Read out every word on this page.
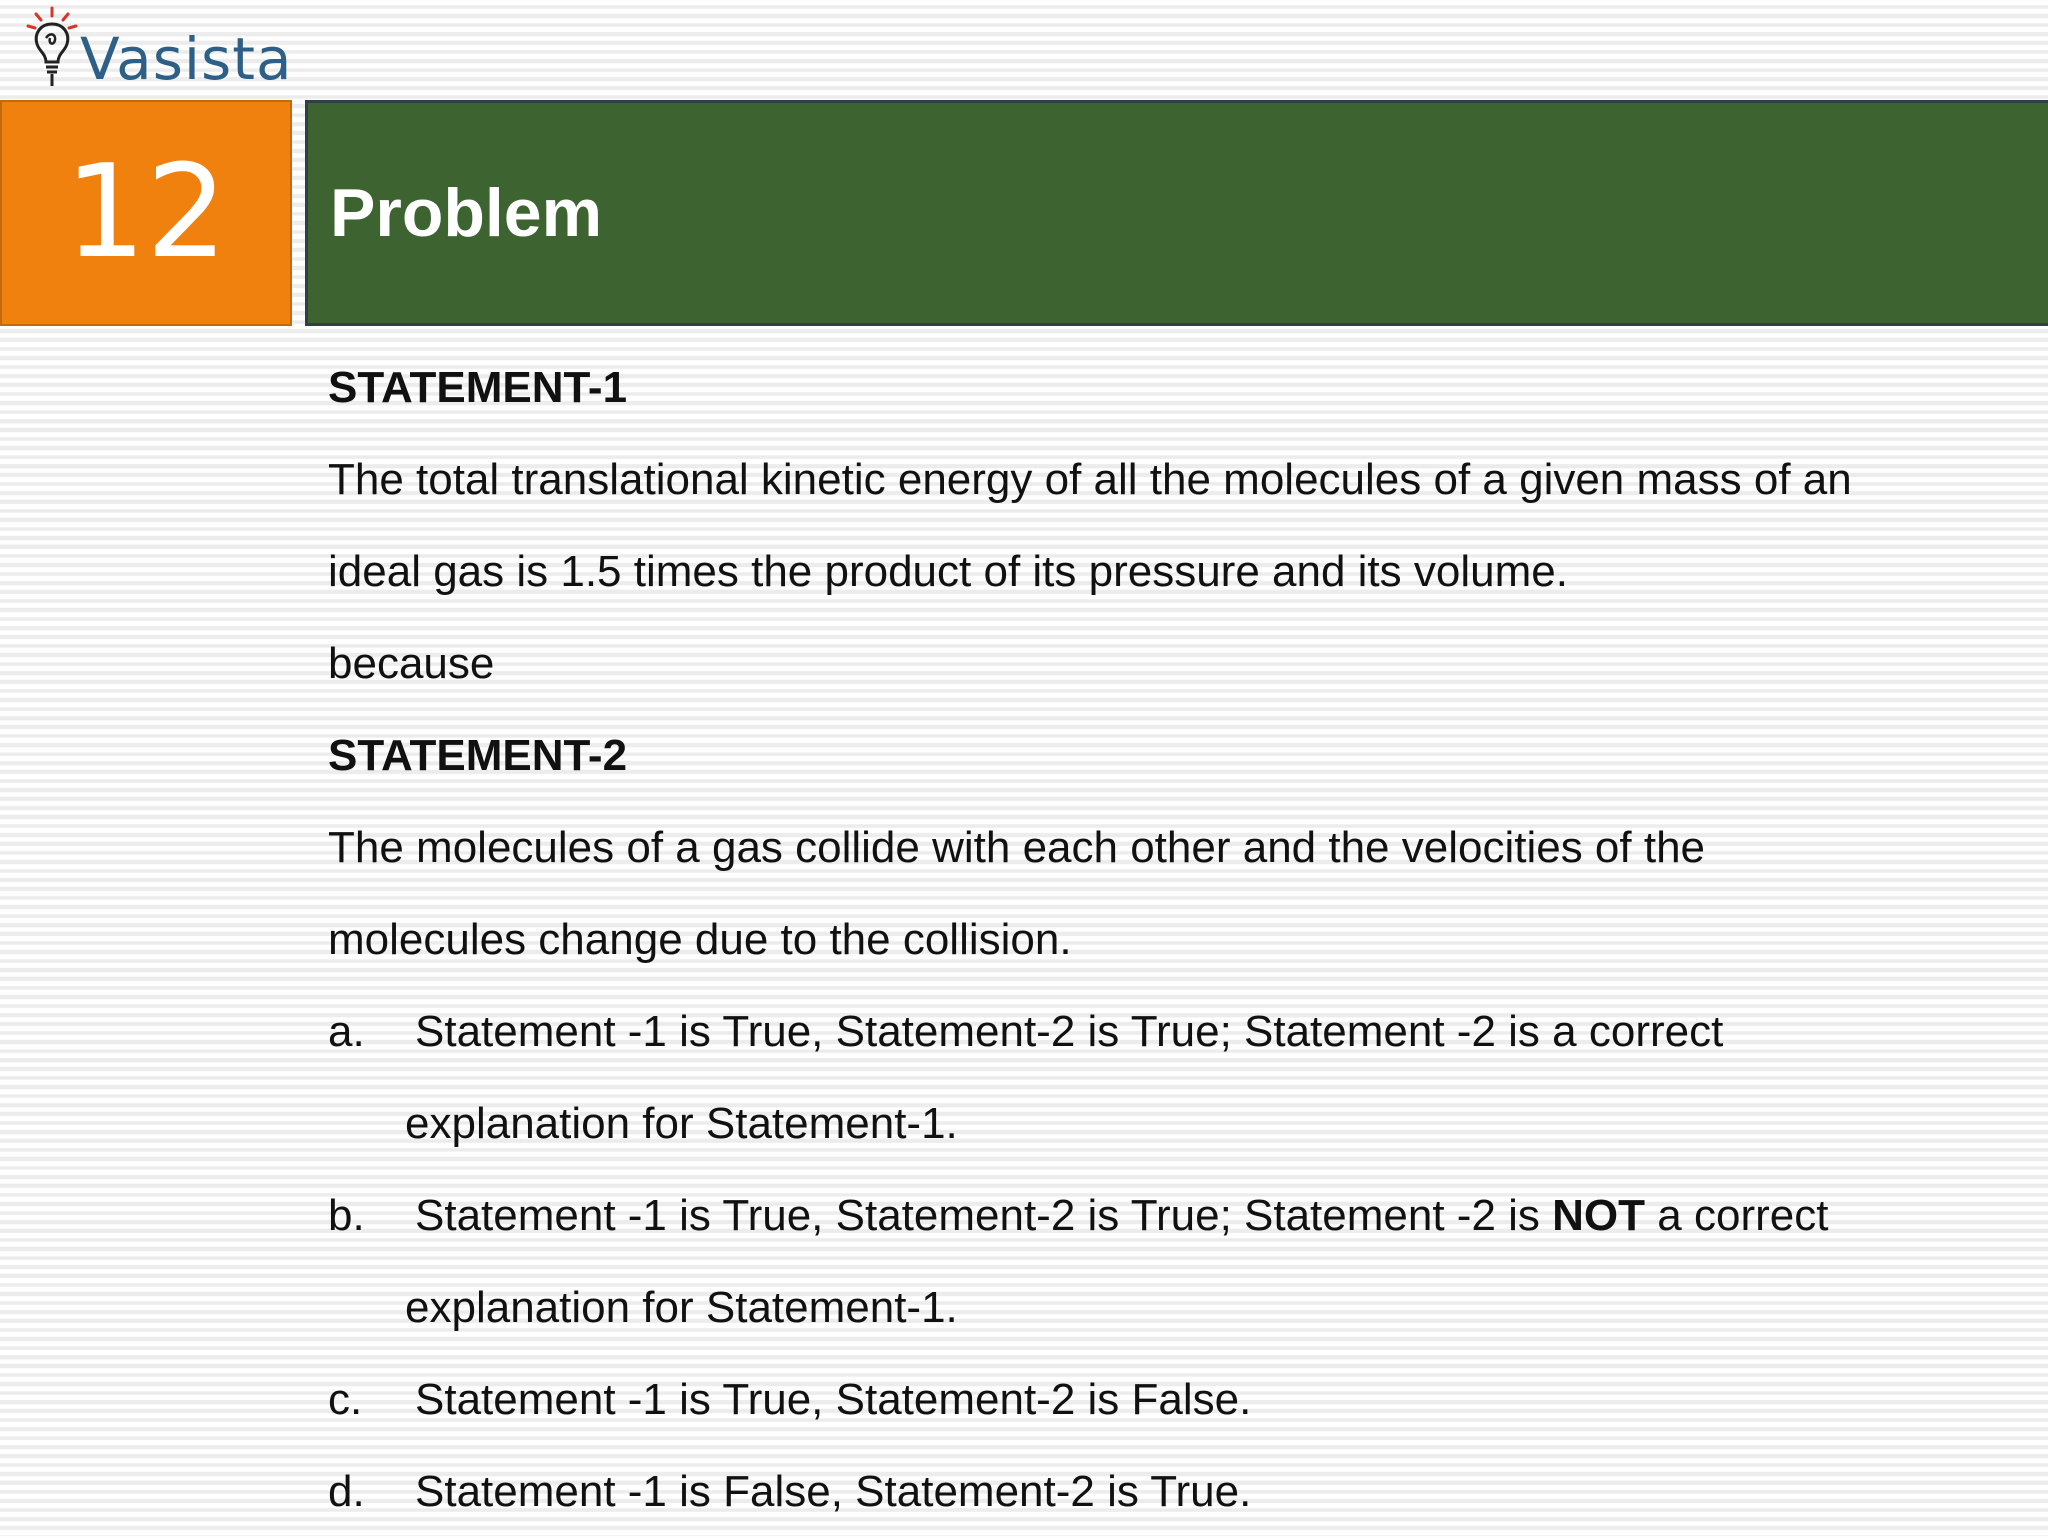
Vasista
12 Problem
STATEMENT-1
The total translational kinetic energy of all the molecules of a given mass of an
ideal gas is 1.5 times the product of its pressure and its volume.
because
STATEMENT-2
The molecules of a gas collide with each other and the velocities of the
molecules change due to the collision.
a. Statement -1 is True, Statement-2 is True; Statement -2 is a correct
explanation for Statement-1.
b. Statement -1 is True, Statement-2 is True; Statement -2 is NOT a correct
explanation for Statement-1.
c. Statement -1 is True, Statement-2 is False.
d. Statement -1 is False, Statement-2 is True.
